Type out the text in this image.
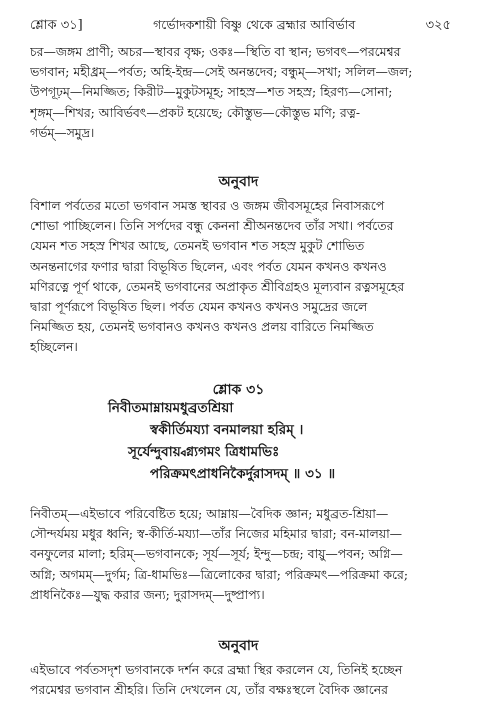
শ্লোক ৩১]	গর্ভোদকশায়ী বিষ্ণু থেকে ব্রহ্মার আবির্ভাব	৩২৫
চর—জঙ্গম প্রাণী; অচর—স্থাবর বৃক্ষ; ওকঃ—স্থিতি বা স্থান; ভগবৎ—পরমেশ্বর
ভগবান; মহীধ্রম্—পর্বত; অহি-ইন্দ্র—সেই অনন্তদেব; বন্ধুম্—সখা; সলিল—জল;
উপগূঢ়ম্—নিমজ্জিত; কিরীট—মুকুটসমূহ; সাহস্র—শত সহস্র; হিরণ্য—সোনা;
শৃঙ্গম্—শিখর; আবির্ভবৎ—প্রকট হয়েছে; কৌস্তুভ—কৌস্তুভ মণি; রত্ন-
গর্ভম্—সমুদ্র।
অনুবাদ
বিশাল পর্বতের মতো ভগবান সমস্ত স্থাবর ও জঙ্গম জীবসমূহের নিবাসরূপে
শোভা পাচ্ছিলেন। তিনি সর্পদের বন্ধু কেননা শ্রীঅনন্তদেব তাঁর সখা। পর্বতের
যেমন শত সহস্র শিখর আছে, তেমনই ভগবান শত সহস্র মুকুট শোভিত
অনন্তনাগের ফণার দ্বারা বিভূষিত ছিলেন, এবং পর্বত যেমন কখনও কখনও
মণিরত্নে পূর্ণ থাকে, তেমনই ভগবানের অপ্রাকৃত শ্রীবিগ্রহও মূল্যবান রত্নসমূহের
দ্বারা পূর্ণরূপে বিভূষিত ছিল। পর্বত যেমন কখনও কখনও সমুদ্রের জলে
নিমজ্জিত হয়, তেমনই ভগবানও কখনও কখনও প্রলয় বারিতে নিমজ্জিত
হচ্ছিলেন।
শ্লোক ৩১
নিবীতমাম্নায়মধুব্রতশ্রিয়া
স্বকীর্তিময্যা বনমালয়া হরিম্ ।
সূর্যেন্দুবায়্বগ্ন্যগমং ত্রিধামভিঃ
পরিক্রমৎপ্রাধনিকৈর্দুরাসদম্ ॥ ৩১ ॥
নিবীতম্—এইভাবে পরিবেষ্টিত হয়ে; আম্নায়—বৈদিক জ্ঞান; মধুব্রত-শ্রিয়া—
সৌন্দর্যময় মধুর ধ্বনি; স্ব-কীর্তি-ময্যা—তাঁর নিজের মহিমার দ্বারা; বন-মালয়া—
বনফুলের মালা; হরিম্—ভগবানকে; সূর্য—সূর্য; ইন্দু—চন্দ্র; বায়ু—পবন; অগ্নি—
অগ্নি; অগমম্—দুর্গম; ত্রি-ধামভিঃ—ত্রিলোকের দ্বারা; পরিক্রমৎ—পরিক্রমা করে;
প্রাধনিকৈঃ—যুদ্ধ করার জন্য; দুরাসদম্—দুষ্প্রাপ্য।
অনুবাদ
এইভাবে পর্বতসদৃশ ভগবানকে দর্শন করে ব্রহ্মা স্থির করলেন যে, তিনিই হচ্ছেন
পরমেশ্বর ভগবান শ্রীহরি। তিনি দেখলেন যে, তাঁর বক্ষঃস্থলে বৈদিক জ্ঞানের
